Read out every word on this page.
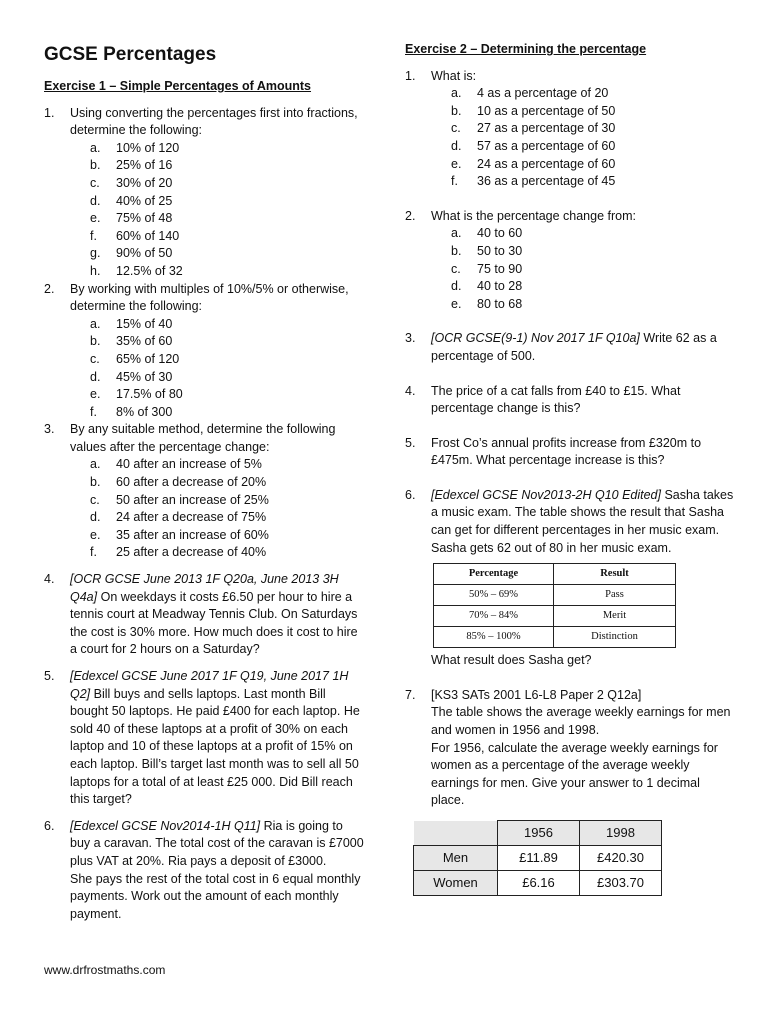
GCSE Percentages

Exercise 1 – Simple Percentages of Amounts

1.	Using converting the percentages first into fractions, determine the following:

a. 10% of 120
b. 25% of 16
c. 30% of 20
d. 40% of 25
e. 75% of 48
f. 60% of 140
g. 90% of 50
h. 12.5% of 32
2.	By working with multiples of 10%/5% or otherwise, determine the following:

a. 15% of 40
b. 35% of 60
c. 65% of 120
d. 45% of 30
e. 17.5% of 80
f. 8% of 300
3.	By any suitable method, determine the following values after the percentage change:

a. 40 after an increase of 5%
b. 60 after a decrease of 20%
c. 50 after an increase of 25%
d. 24 after a decrease of 75%
e. 35 after an increase of 60%
f. 25 after a decrease of 40%
4.	[OCR GCSE June 2013 1F Q20a, June 2013 3H Q4a] On weekdays it costs £6.50 per hour to hire a tennis court at Meadway Tennis Club. On Saturdays the cost is 30% more. How much does it cost to hire a court for 2 hours on a Saturday?

5.	[Edexcel GCSE June 2017 1F Q19, June 2017 1H Q2] Bill buys and sells laptops. Last month Bill bought 50 laptops. He paid £400 for each laptop. He sold 40 of these laptops at a profit of 30% on each laptop and 10 of these laptops at a profit of 15% on each laptop. Bill’s target last month was to sell all 50 laptops for a total of at least £25 000. Did Bill reach this target?

6.	[Edexcel GCSE Nov2014-1H Q11] Ria is going to buy a caravan. The total cost of the caravan is £7000 plus VAT at 20%. Ria pays a deposit of £3000.

She pays the rest of the total cost in 6 equal monthly payments. Work out the amount of each monthly payment.

Exercise 2 – Determining the percentage

1.	What is:

a. 4 as a percentage of 20
b. 10 as a percentage of 50
c. 27 as a percentage of 30
d. 57 as a percentage of 60
e. 24 as a percentage of 60
f. 36 as a percentage of 45
2.	What is the percentage change from:

a. 40 to 60
b. 50 to 30
c. 75 to 90
d. 40 to 28
e. 80 to 68
3.	[OCR GCSE(9-1) Nov 2017 1F Q10a] Write 62 as a percentage of 500.

4.	The price of a cat falls from £40 to £15. What percentage change is this?

5.	Frost Co’s annual profits increase from £320m to £475m. What percentage increase is this?

6.	[Edexcel GCSE Nov2013-2H Q10 Edited] Sasha takes a music exam. The table shows the result that Sasha can get for different percentages in her music exam. Sasha gets 62 out of 80 in her music exam.

Percentage	Result
50% – 69%	Pass
70% – 84%	Merit
85% – 100%	Distinction

What result does Sasha get?

7.	[KS3 SATs 2001 L6-L8 Paper 2 Q12a]

The table shows the average weekly earnings for men and women in 1956 and 1998.

For 1956, calculate the average weekly earnings for women as a percentage of the average weekly earnings for men. Give your answer to 1 decimal place.

	1956	1998
Men	£11.89	£420.30
Women	£6.16	£303.70
www.drfrostmaths.com
